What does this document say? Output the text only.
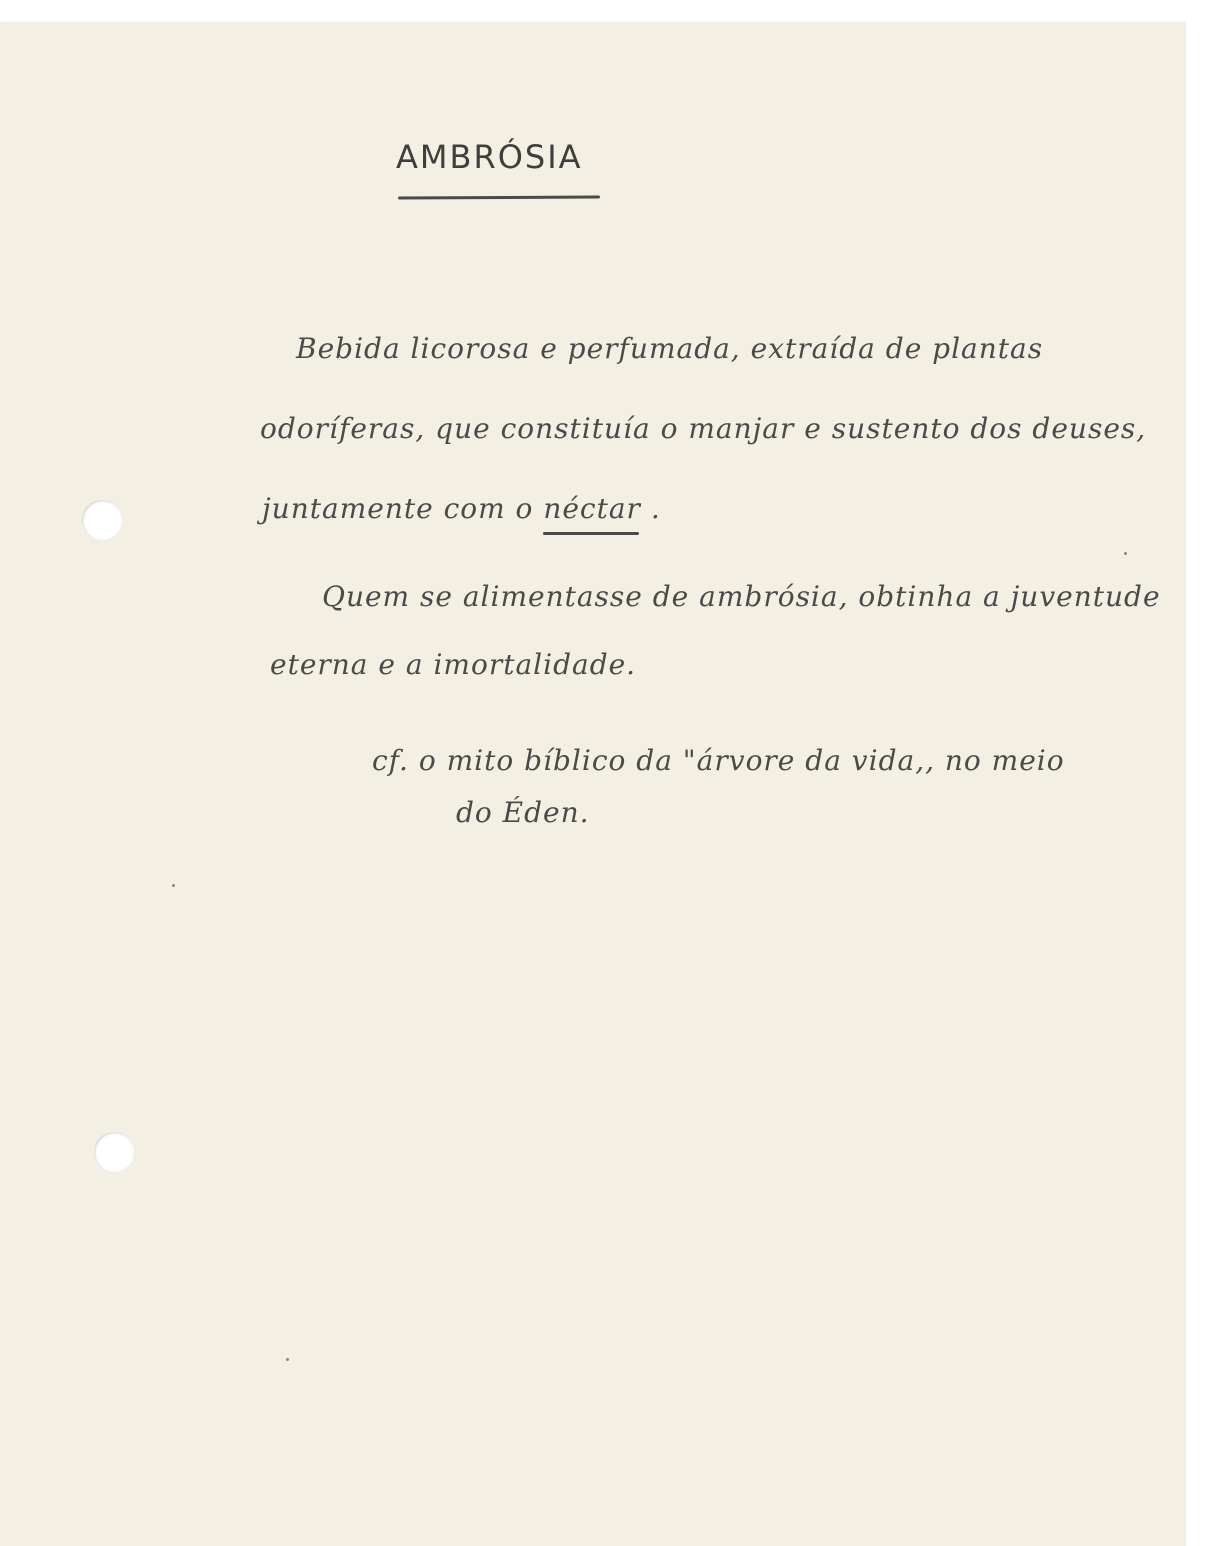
AMBRÓSIA
Bebida licorosa e perfumada, extraída de plantas
odoríferas, que constituía o manjar e sustento dos deuses,
juntamente com o néctar .
Quem se alimentasse de ambrósia, obtinha a juventude
eterna e a imortalidade.
cf. o mito bíblico da "árvore da vida,, no meio
do Éden.
